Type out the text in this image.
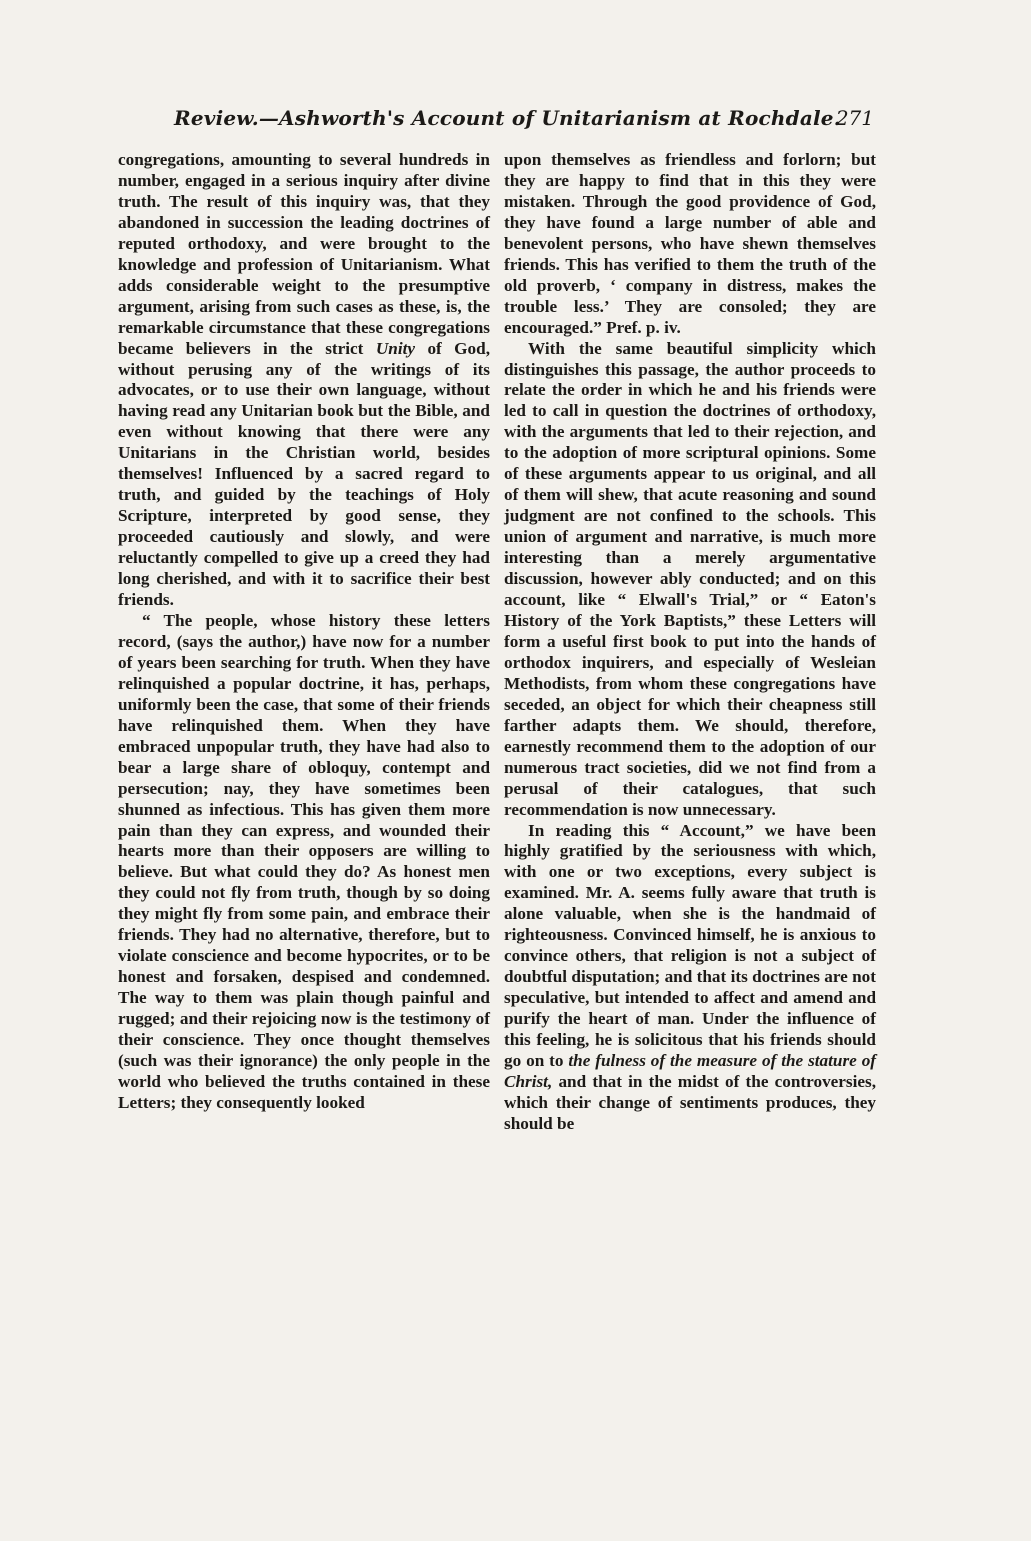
Review.—Ashworth's Account of Unitarianism at Rochdale.
271

congregations, amounting to several hundreds in number, engaged in a serious inquiry after divine truth. The result of this inquiry was, that they abandoned in succession the leading doctrines of reputed orthodoxy, and were brought to the knowledge and profession of Unitarianism. What adds considerable weight to the presumptive argument, arising from such cases as these, is, the remarkable circumstance that these congregations became believers in the strict Unity of God, without perusing any of the writings of its advocates, or to use their own language, without having read any Unitarian book but the Bible, and even without knowing that there were any Unitarians in the Christian world, besides themselves! Influenced by a sacred regard to truth, and guided by the teachings of Holy Scripture, interpreted by good sense, they proceeded cautiously and slowly, and were reluctantly compelled to give up a creed they had long cherished, and with it to sacrifice their best friends.

“ The people, whose history these letters record, (says the author,) have now for a number of years been searching for truth. When they have relinquished a popular doctrine, it has, perhaps, uniformly been the case, that some of their friends have relinquished them. When they have embraced unpopular truth, they have had also to bear a large share of obloquy, contempt and persecution; nay, they have sometimes been shunned as infectious. This has given them more pain than they can express, and wounded their hearts more than their opposers are willing to believe. But what could they do? As honest men they could not fly from truth, though by so doing they might fly from some pain, and embrace their friends. They had no alternative, therefore, but to violate conscience and become hypocrites, or to be honest and forsaken, despised and condemned. The way to them was plain though painful and rugged; and their rejoicing now is the testimony of their conscience. They once thought themselves (such was their ignorance) the only people in the world who believed the truths contained in these Letters; they consequently looked

upon themselves as friendless and forlorn; but they are happy to find that in this they were mistaken. Through the good providence of God, they have found a large number of able and benevolent persons, who have shewn themselves friends. This has verified to them the truth of the old proverb, ‘ company in distress, makes the trouble less.’ They are consoled; they are encouraged.” Pref. p. iv.

With the same beautiful simplicity which distinguishes this passage, the author proceeds to relate the order in which he and his friends were led to call in question the doctrines of orthodoxy, with the arguments that led to their rejection, and to the adoption of more scriptural opinions. Some of these arguments appear to us original, and all of them will shew, that acute reasoning and sound judgment are not confined to the schools. This union of argument and narrative, is much more interesting than a merely argumentative discussion, however ably conducted; and on this account, like “ Elwall's Trial,” or “ Eaton's History of the York Baptists,” these Letters will form a useful first book to put into the hands of orthodox inquirers, and especially of Wesleian Methodists, from whom these congregations have seceded, an object for which their cheapness still farther adapts them. We should, therefore, earnestly recommend them to the adoption of our numerous tract societies, did we not find from a perusal of their catalogues, that such recommendation is now unnecessary.

In reading this “ Account,” we have been highly gratified by the seriousness with which, with one or two exceptions, every subject is examined. Mr. A. seems fully aware that truth is alone valuable, when she is the handmaid of righteousness. Convinced himself, he is anxious to convince others, that religion is not a subject of doubtful disputation; and that its doctrines are not speculative, but intended to affect and amend and purify the heart of man. Under the influence of this feeling, he is solicitous that his friends should go on to the fulness of the measure of the stature of Christ, and that in the midst of the controversies, which their change of sentiments produces, they should be
